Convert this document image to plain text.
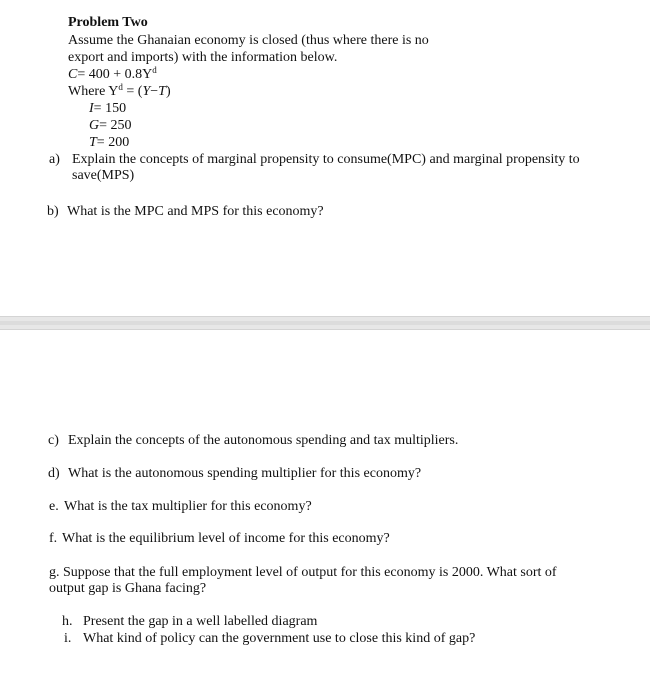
Problem Two
Assume the Ghanaian economy is closed (thus where there is no
export and imports) with the information below.
$C= 400 + 0.8Y^d$
Where $Y^d = (Y-T)$
I= 150
G= 250
T= 200
a) Explain the concepts of marginal propensity to consume(MPC) and marginal propensity to
save(MPS)
b) What is the MPC and MPS for this economy?
c) Explain the concepts of the autonomous spending and tax multipliers.
d) What is the autonomous spending multiplier for this economy?
e. What is the tax multiplier for this economy?
f. What is the equilibrium level of income for this economy?
g. Suppose that the full employment level of output for this economy is 2000. What sort of
output gap is Ghana facing?
h. Present the gap in a well labelled diagram
i. What kind of policy can the government use to close this kind of gap?
